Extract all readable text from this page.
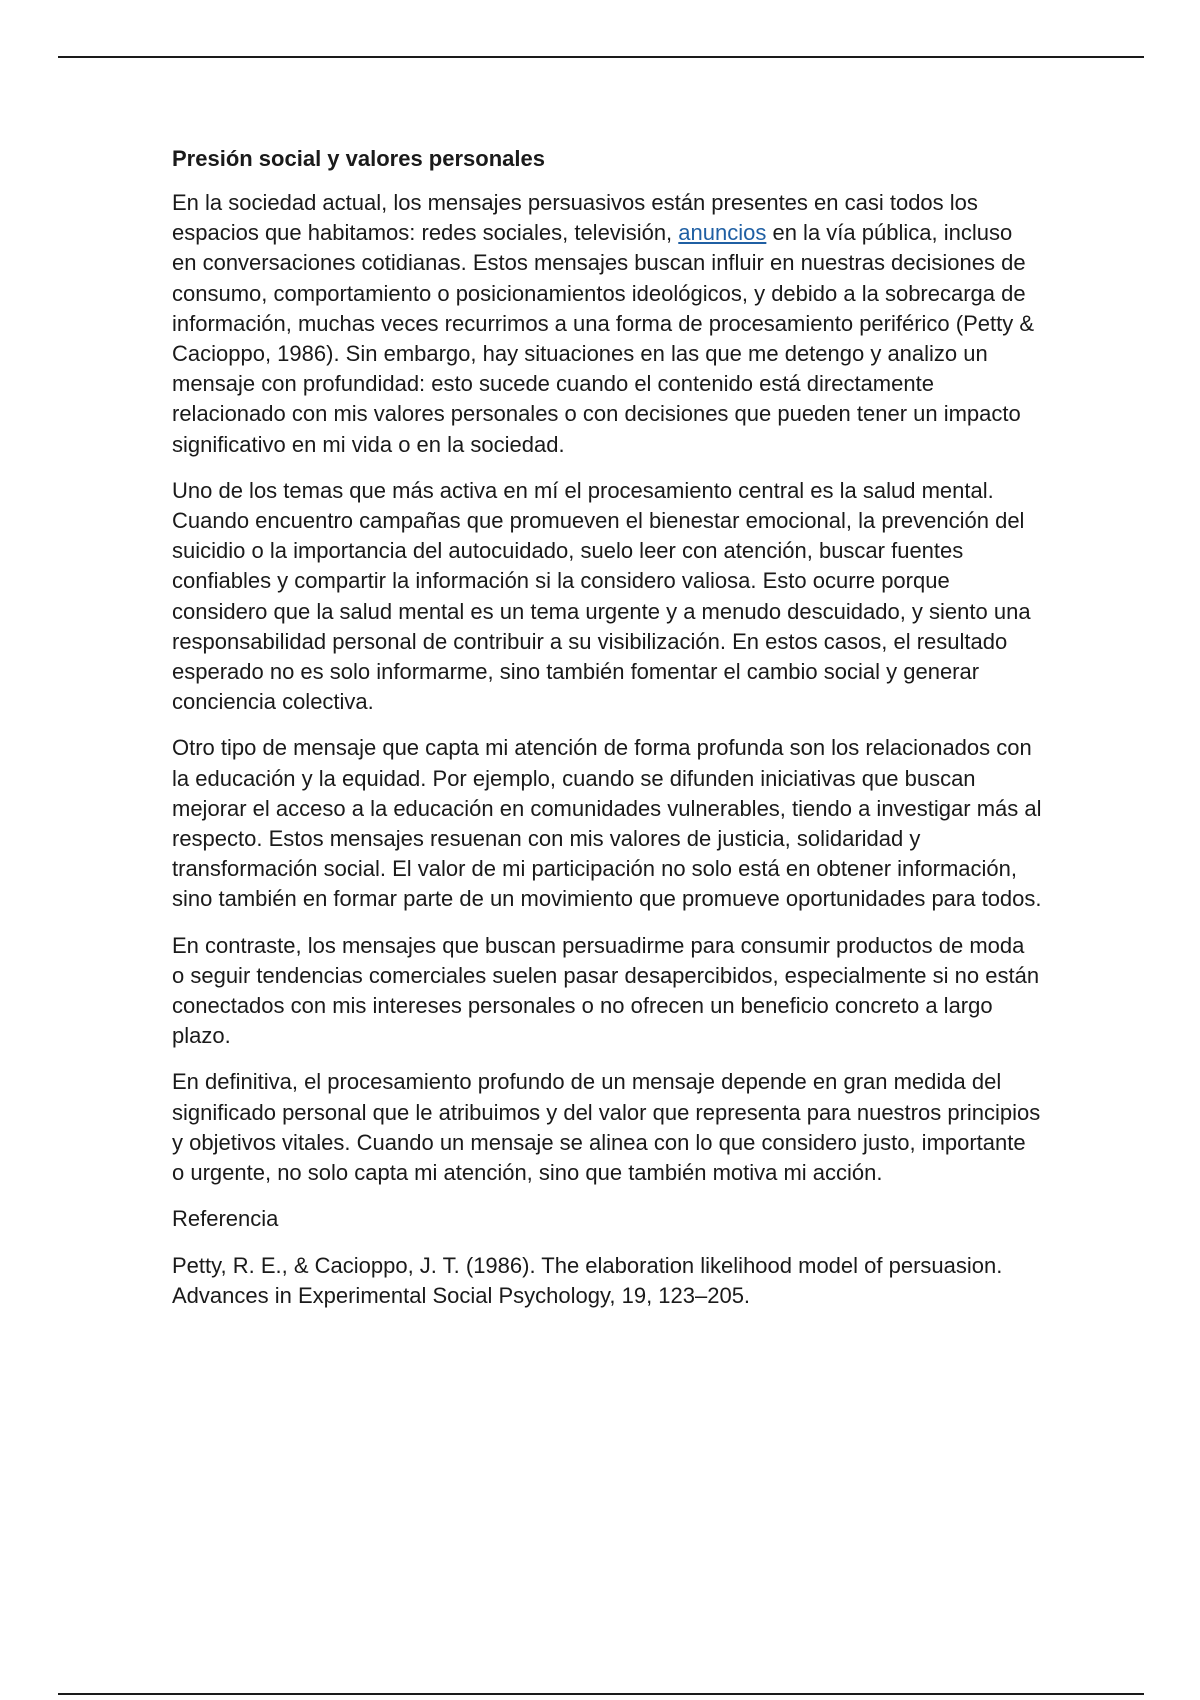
Presión social y valores personales

En la sociedad actual, los mensajes persuasivos están presentes en casi todos los espacios que habitamos: redes sociales, televisión, anuncios en la vía pública, incluso en conversaciones cotidianas. Estos mensajes buscan influir en nuestras decisiones de consumo, comportamiento o posicionamientos ideológicos, y debido a la sobrecarga de información, muchas veces recurrimos a una forma de procesamiento periférico (Petty & Cacioppo, 1986). Sin embargo, hay situaciones en las que me detengo y analizo un mensaje con profundidad: esto sucede cuando el contenido está directamente relacionado con mis valores personales o con decisiones que pueden tener un impacto significativo en mi vida o en la sociedad.

Uno de los temas que más activa en mí el procesamiento central es la salud mental. Cuando encuentro campañas que promueven el bienestar emocional, la prevención del suicidio o la importancia del autocuidado, suelo leer con atención, buscar fuentes confiables y compartir la información si la considero valiosa. Esto ocurre porque considero que la salud mental es un tema urgente y a menudo descuidado, y siento una responsabilidad personal de contribuir a su visibilización. En estos casos, el resultado esperado no es solo informarme, sino también fomentar el cambio social y generar conciencia colectiva.

Otro tipo de mensaje que capta mi atención de forma profunda son los relacionados con la educación y la equidad. Por ejemplo, cuando se difunden iniciativas que buscan mejorar el acceso a la educación en comunidades vulnerables, tiendo a investigar más al respecto. Estos mensajes resuenan con mis valores de justicia, solidaridad y transformación social. El valor de mi participación no solo está en obtener información, sino también en formar parte de un movimiento que promueve oportunidades para todos.

En contraste, los mensajes que buscan persuadirme para consumir productos de moda o seguir tendencias comerciales suelen pasar desapercibidos, especialmente si no están conectados con mis intereses personales o no ofrecen un beneficio concreto a largo plazo.

En definitiva, el procesamiento profundo de un mensaje depende en gran medida del significado personal que le atribuimos y del valor que representa para nuestros principios y objetivos vitales. Cuando un mensaje se alinea con lo que considero justo, importante o urgente, no solo capta mi atención, sino que también motiva mi acción.

Referencia

Petty, R. E., & Cacioppo, J. T. (1986). The elaboration likelihood model of persuasion. Advances in Experimental Social Psychology, 19, 123–205.
